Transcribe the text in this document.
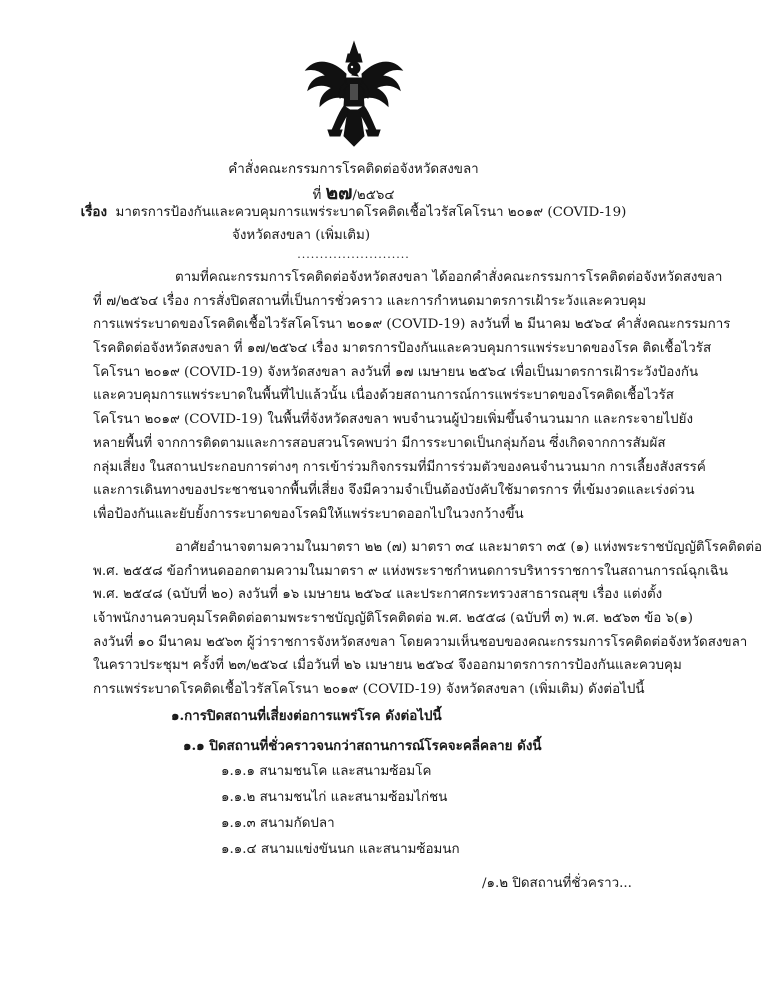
คำสั่งคณะกรรมการโรคติดต่อจังหวัดสงขลา
ที่ ๒๗/๒๕๖๔
เรื่อง มาตรการป้องกันและควบคุมการแพร่ระบาดโรคติดเชื้อไวรัสโคโรนา ๒๐๑๙ (COVID-19)
จังหวัดสงขลา (เพิ่มเติม)
.........................
ตามที่คณะกรรมการโรคติดต่อจังหวัดสงขลา ได้ออกคำสั่งคณะกรรมการโรคติดต่อจังหวัดสงขลา
ที่ ๗/๒๕๖๔ เรื่อง การสั่งปิดสถานที่เป็นการชั่วคราว และการกำหนดมาตรการเฝ้าระวังและควบคุม
การแพร่ระบาดของโรคติดเชื้อไวรัสโคโรนา ๒๐๑๙ (COVID-19) ลงวันที่ ๒ มีนาคม ๒๕๖๔ คำสั่งคณะกรรมการ
โรคติดต่อจังหวัดสงขลา ที่ ๑๗/๒๕๖๔ เรื่อง มาตรการป้องกันและควบคุมการแพร่ระบาดของโรค ติดเชื้อไวรัส
โคโรนา ๒๐๑๙ (COVID-19) จังหวัดสงขลา ลงวันที่ ๑๗ เมษายน ๒๕๖๔ เพื่อเป็นมาตรการเฝ้าระวังป้องกัน
และควบคุมการแพร่ระบาดในพื้นที่ไปแล้วนั้น เนื่องด้วยสถานการณ์การแพร่ระบาดของโรคติดเชื้อไวรัส
โคโรนา ๒๐๑๙ (COVID-19) ในพื้นที่จังหวัดสงขลา พบจำนวนผู้ป่วยเพิ่มขึ้นจำนวนมาก และกระจายไปยัง
หลายพื้นที่ จากการติดตามและการสอบสวนโรคพบว่า มีการระบาดเป็นกลุ่มก้อน ซึ่งเกิดจากการสัมผัส
กลุ่มเสี่ยง ในสถานประกอบการต่างๆ การเข้าร่วมกิจกรรมที่มีการร่วมตัวของคนจำนวนมาก การเลี้ยงสังสรรค์
และการเดินทางของประชาชนจากพื้นที่เสี่ยง จึงมีความจำเป็นต้องบังคับใช้มาตรการ ที่เข้มงวดและเร่งด่วน
เพื่อป้องกันและยับยั้งการระบาดของโรคมิให้แพร่ระบาดออกไปในวงกว้างขึ้น
อาศัยอำนาจตามความในมาตรา ๒๒ (๗) มาตรา ๓๔ และมาตรา ๓๕ (๑) แห่งพระราชบัญญัติโรคติดต่อ
พ.ศ. ๒๕๕๘ ข้อกำหนดออกตามความในมาตรา ๙ แห่งพระราชกำหนดการบริหารราชการในสถานการณ์ฉุกเฉิน
พ.ศ. ๒๕๔๘ (ฉบับที่ ๒๐) ลงวันที่ ๑๖ เมษายน ๒๕๖๔ และประกาศกระทรวงสาธารณสุข เรื่อง แต่งตั้ง
เจ้าพนักงานควบคุมโรคติดต่อตามพระราชบัญญัติโรคติดต่อ พ.ศ. ๒๕๕๘ (ฉบับที่ ๓) พ.ศ. ๒๕๖๓ ข้อ ๖(๑)
ลงวันที่ ๑๐ มีนาคม ๒๕๖๓ ผู้ว่าราชการจังหวัดสงขลา โดยความเห็นชอบของคณะกรรมการโรคติดต่อจังหวัดสงขลา
ในคราวประชุมฯ ครั้งที่ ๒๓/๒๕๖๔ เมื่อวันที่ ๒๖ เมษายน ๒๕๖๔ จึงออกมาตรการการป้องกันและควบคุม
การแพร่ระบาดโรคติดเชื้อไวรัสโคโรนา ๒๐๑๙ (COVID-19) จังหวัดสงขลา (เพิ่มเติม) ดังต่อไปนี้
๑.การปิดสถานที่เสี่ยงต่อการแพร่โรค ดังต่อไปนี้
๑.๑ ปิดสถานที่ชั่วคราวจนกว่าสถานการณ์โรคจะคลี่คลาย ดังนี้
๑.๑.๑ สนามชนโค และสนามซ้อมโค
๑.๑.๒ สนามชนไก่ และสนามซ้อมไก่ชน
๑.๑.๓ สนามกัดปลา
๑.๑.๔ สนามแข่งขันนก และสนามซ้อมนก
/๑.๒ ปิดสถานที่ชั่วคราว...
